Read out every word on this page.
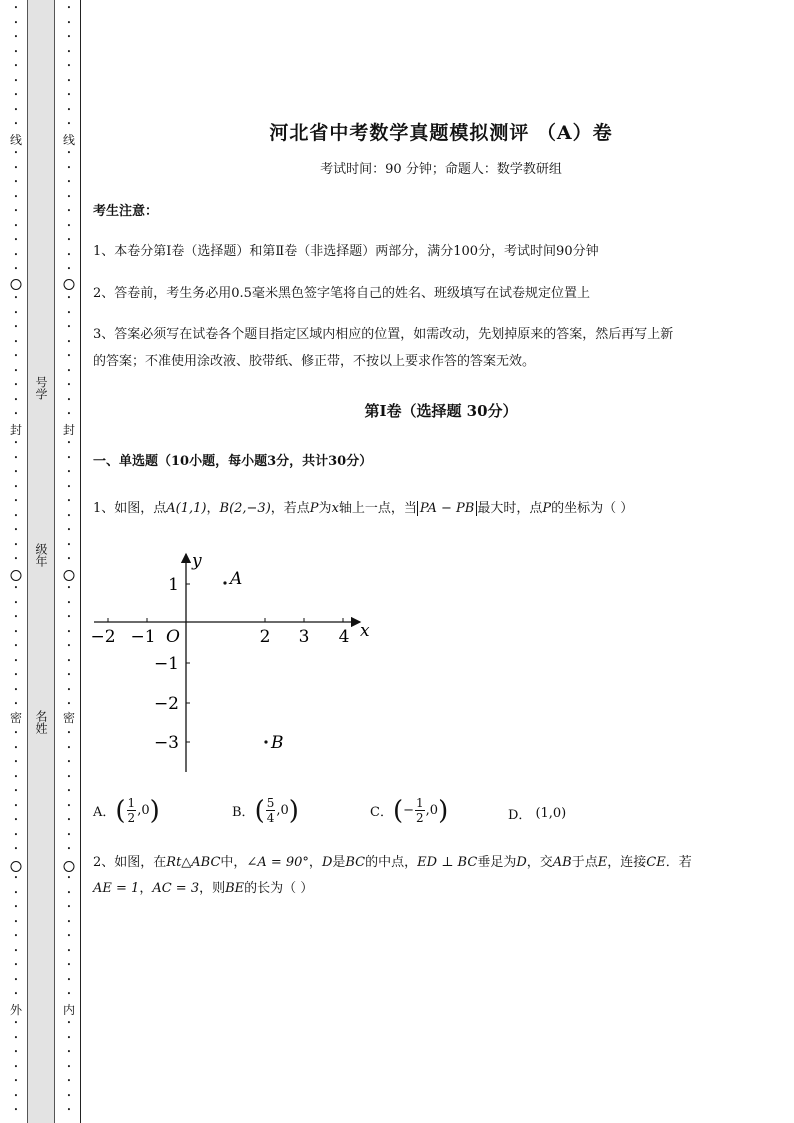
•
•
•
•
•
•
•
•
•
•
•
•
•
•
•
•
•
•
•
•
•
•
•
•
•
•
•
•
•
•
•
•
•
•
•
•
•
•
•
•
•
•
•
•
•
•
•
•
•
•
•
•
•
•
•
•
•
•
•
•
•
•
•
•
•
•
•
•
•
•
线
封
密
外
号学
级年
名姓
•
•
•
•
•
•
•
•
•
•
•
•
•
•
•
•
•
•
•
•
•
•
•
•
•
•
•
•
•
•
•
•
•
•
•
•
•
•
•
•
•
•
•
•
•
•
•
•
•
•
•
•
•
•
•
•
•
•
•
•
•
•
•
•
•
•
•
•
•
•
线
封
密
内
河北省中考数学真题模拟测评 （A）卷
考试时间：90 分钟；命题人：数学教研组
考生注意：
1、本卷分第I卷（选择题）和第Ⅱ卷（非选择题）两部分，满分100分，考试时间90分钟
2、答卷前，考生务必用0.5毫米黑色签字笔将自己的姓名、班级填写在试卷规定位置上
3、答案必须写在试卷各个题目指定区域内相应的位置，如需改动，先划掉原来的答案，然后再写上新
的答案；不准使用涂改液、胶带纸、修正带，不按以上要求作答的答案无效。
第I卷（选择题 30分）
一、单选题（10小题，每小题3分，共计30分）
1、如图，点A(1,1)，B(2,−3)，若点P为x轴上一点，当 PA − PB 最大时，点P的坐标为（ ）
−2 −1	2 3 4
1
−1
−2
−3
x
y
O
A
B
A． ( $\frac{1}{2} ,0$ )	B． ( $\frac{5}{4} ,0$ )	C． ( − $\frac{1}{2} ,0$ )	D． (1,0)
2、如图，在Rt△ABC中，∠A = 90°，D是BC的中点，ED ⊥ BC垂足为D，交AB于点E，连接CE．若
AE = 1，AC = 3，则BE的长为（ ）
